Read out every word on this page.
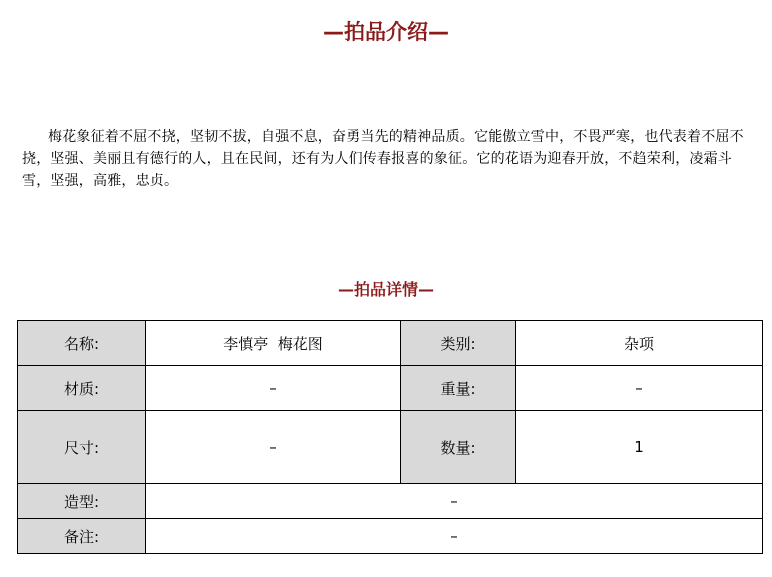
—拍品介绍—

梅花象征着不屈不挠，坚韧不拔，自强不息，奋勇当先的精神品质。它能傲立雪中，不畏严寒，也代表着不屈不挠，坚强、美丽且有德行的人，且在民间，还有为人们传春报喜的象征。它的花语为迎春开放，不趋荣利，凌霜斗雪，坚强，高雅，忠贞。

—拍品详情—
名称:	李慎亭  梅花图	类别:	杂项
材质:	–	重量:	–
尺寸:	–	数量:	1
造型:	–		
备注:	–		
